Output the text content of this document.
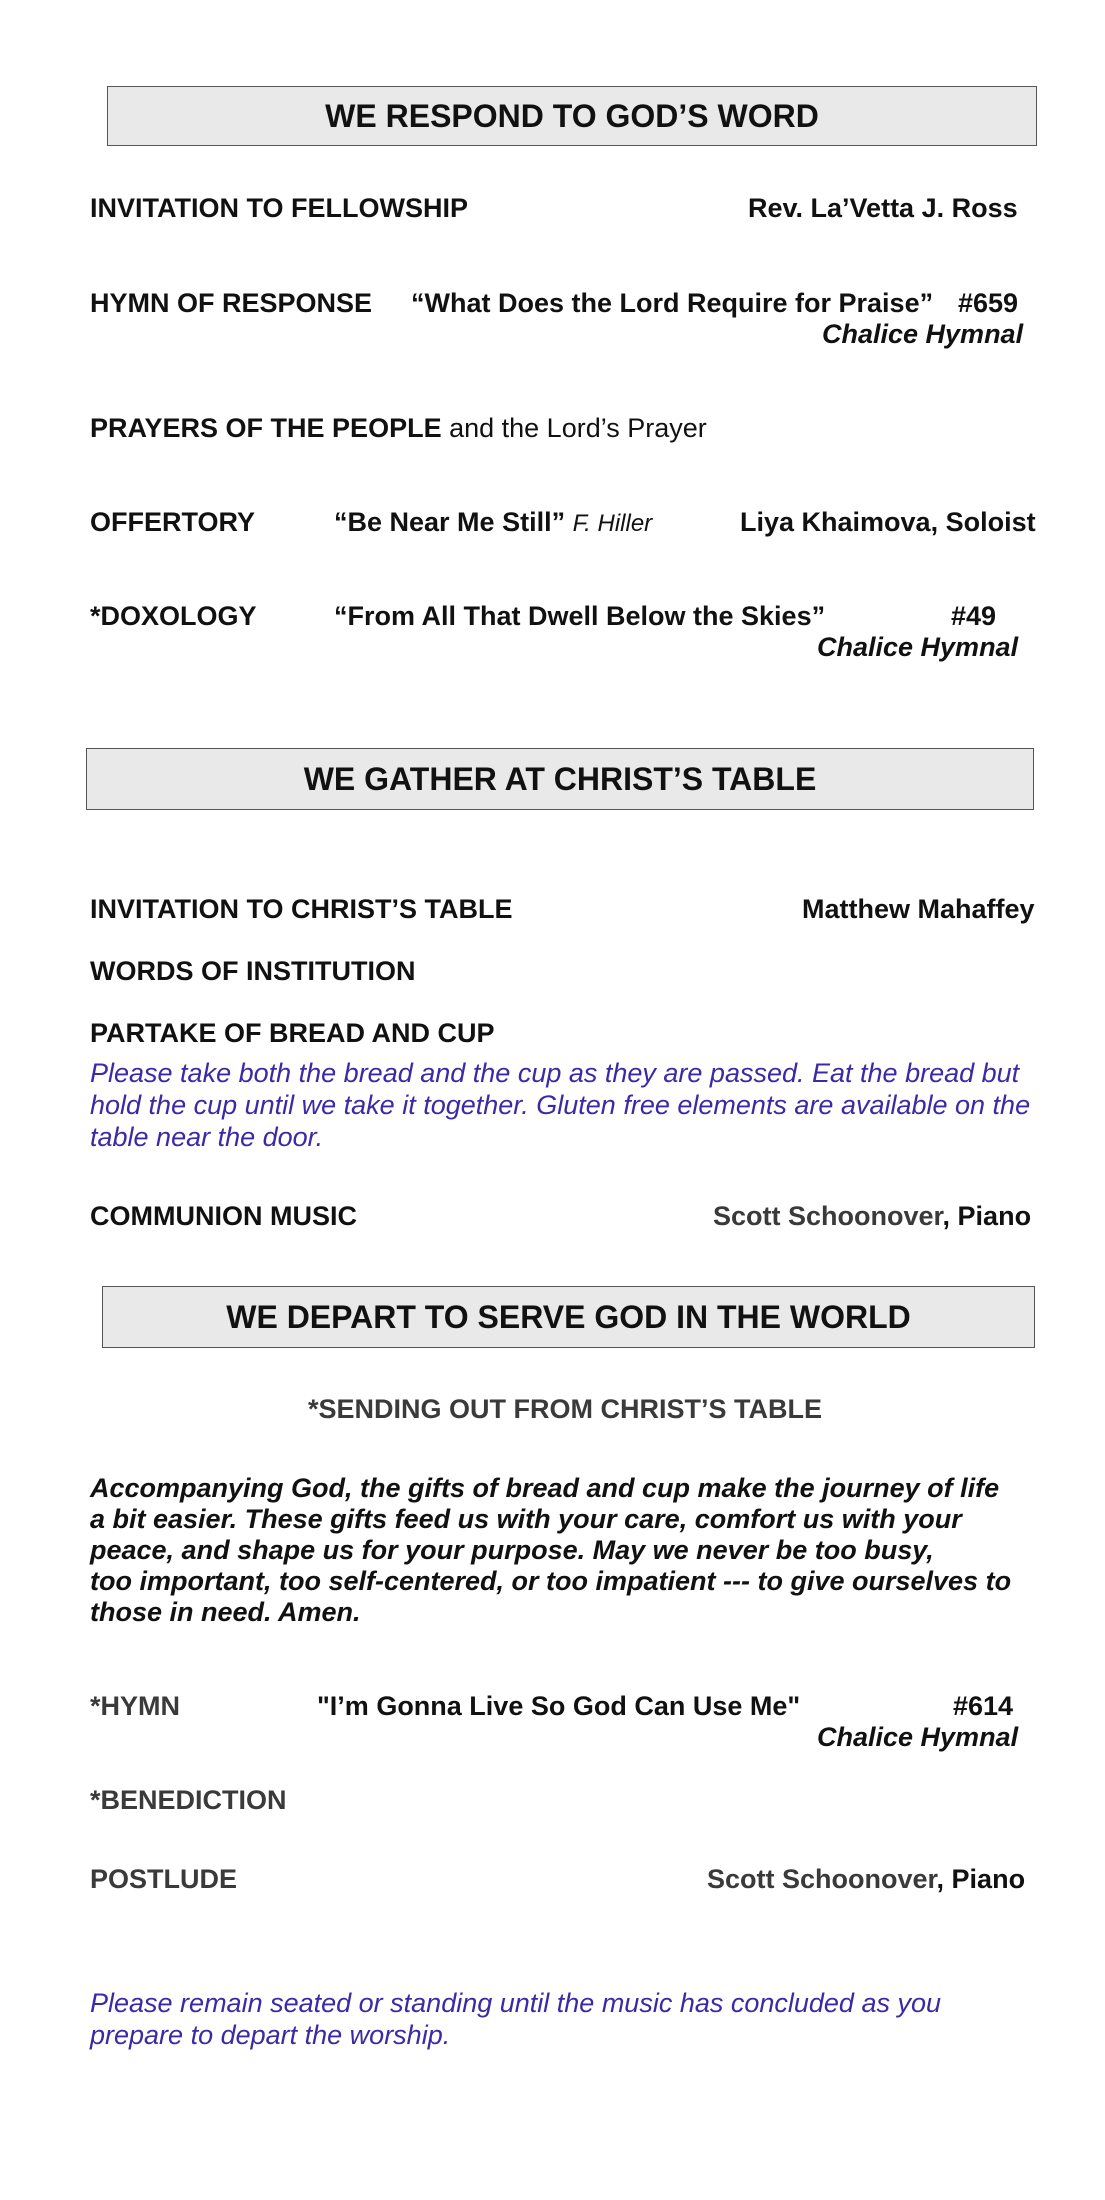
WE RESPOND TO GOD’S WORD
INVITATION TO FELLOWSHIP	Rev. La’Vetta J. Ross
HYMN OF RESPONSE “What Does the Lord Require for Praise” #659
Chalice Hymnal
PRAYERS OF THE PEOPLE and the Lord’s Prayer
OFFERTORY	“Be Near Me Still” F. Hiller	Liya Khaimova, Soloist
*DOXOLOGY	“From All That Dwell Below the Skies”	#49
Chalice Hymnal
WE GATHER AT CHRIST’S TABLE
INVITATION TO CHRIST’S TABLE	Matthew Mahaffey
WORDS OF INSTITUTION
PARTAKE OF BREAD AND CUP
Please take both the bread and the cup as they are passed. Eat the bread but
hold the cup until we take it together. Gluten free elements are available on the
table near the door.
COMMUNION MUSIC	Scott Schoonover, Piano
WE DEPART TO SERVE GOD IN THE WORLD
*SENDING OUT FROM CHRIST’S TABLE
Accompanying God, the gifts of bread and cup make the journey of life
a bit easier. These gifts feed us with your care, comfort us with your
peace, and shape us for your purpose. May we never be too busy,
too important, too self-centered, or too impatient --- to give ourselves to
those in need. Amen.
*HYMN	"I’m Gonna Live So God Can Use Me"	#614
Chalice Hymnal
*BENEDICTION
POSTLUDE	Scott Schoonover, Piano
Please remain seated or standing until the music has concluded as you
prepare to depart the worship.
